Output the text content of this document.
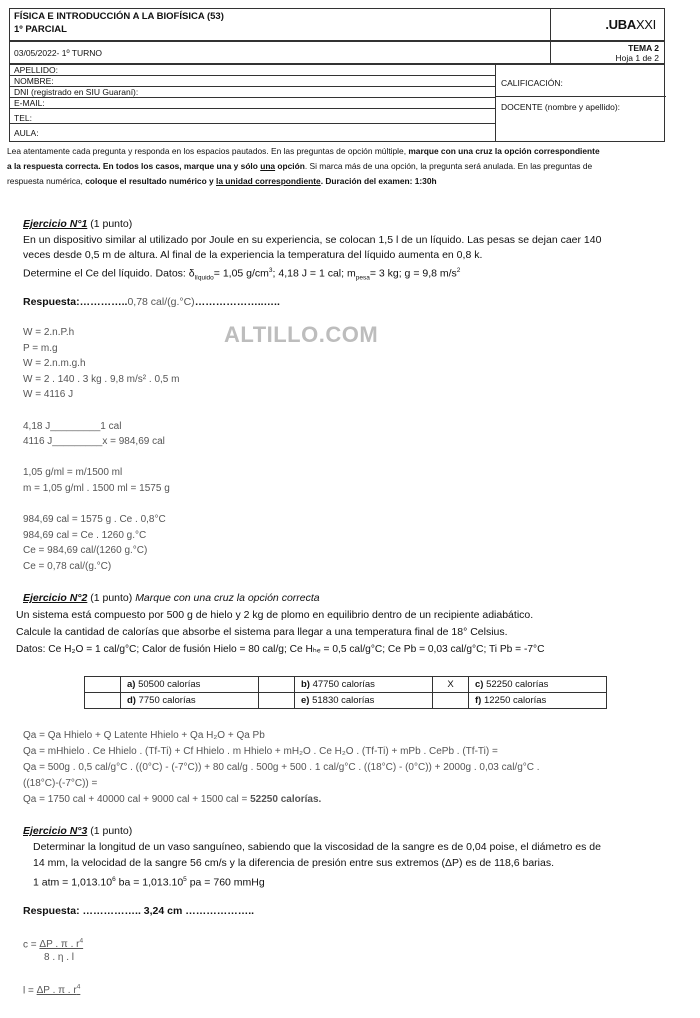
FÍSICA E INTRODUCCIÓN A LA BIOFÍSICA (53)
1º PARCIAL	.UBAXXI
03/05/2022- 1º TURNO	TEMA 2
Hoja 1 de 2
APELLIDO:
NOMBRE:
DNI (registrado en SIU Guaraní):
E-MAIL:
TEL:
AULA:
CALIFICACIÓN:
DOCENTE (nombre y apellido):
Lea atentamente cada pregunta y responda en los espacios pautados. En las preguntas de opción múltiple, marque con una cruz la opción correspondiente
a la respuesta correcta. En todos los casos, marque una y sólo una opción. Si marca más de una opción, la pregunta será anulada. En las preguntas de
respuesta numérica, coloque el resultado numérico y la unidad correspondiente. Duración del examen: 1:30h
ALTILLO.COM
Ejercicio N°1 (1 punto)
En un dispositivo similar al utilizado por Joule en su experiencia, se colocan 1,5 l de un líquido. Las pesas se dejan caer 140
veces desde 0,5 m de altura. Al final de la experiencia la temperatura del líquido aumenta en 0,8 k.
Determine el Ce del líquido. Datos: $\delta_{líquido}= 1,05$ $g/cm^3$; 4,18 J = 1 cal; $m_{pesa}= 3$ kg; g = 9,8 $m/s^2$
Respuesta:…………..0,78 cal/(g.°C)………………..…..
W = 2.n.P.h
P = m.g
W = 2.n.m.g.h
W = 2 . 140 . 3 kg . 9,8 m/s² . 0,5 m
W = 4116 J
4,18 J_________1 cal
4116 J_________x = 984,69 cal
1,05 g/ml = m/1500 ml
m = 1,05 g/ml . 1500 ml = 1575 g
984,69 cal = 1575 g . Ce . 0,8°C
984,69 cal = Ce . 1260 g.°C
Ce = 984,69 cal/(1260 g.°C)
Ce = 0,78 cal/(g.°C)
Ejercicio N°2 (1 punto) Marque con una cruz la opción correcta
Un sistema está compuesto por 500 g de hielo y 2 kg de plomo en equilibrio dentro de un recipiente adiabático.
Calcule la cantidad de calorías que absorbe el sistema para llegar a una temperatura final de 18° Celsius.
Datos: Ce H₂O = 1 cal/g°C; Calor de fusión Hielo = 80 cal/g; Ce Hₕₑ = 0,5 cal/g°C; Ce Pb = 0,03 cal/g°C; Ti Pb = -7°C
	a) 50500 calorías		b) 47750 calorías	X	c) 52250 calorías
	d) 7750 calorías		e) 51830 calorías		f) 12250 calorías
Qa = Qa Hhielo + Q Latente Hhielo + Qa H₂O + Qa Pb
Qa = mHhielo . Ce Hhielo . (Tf-Ti) + Cf Hhielo . m Hhielo + mH₂O . Ce H₂O . (Tf-Ti) + mPb . CePb . (Tf-Ti) =
Qa = 500g . 0,5 cal/g°C . ((0°C) - (-7°C)) + 80 cal/g . 500g + 500 . 1 cal/g°C . ((18°C) - (0°C)) + 2000g . 0,03 cal/g°C .
((18°C)-(-7°C)) =
Qa = 1750 cal + 40000 cal + 9000 cal + 1500 cal = 52250 calorías.
Ejercicio N°3 (1 punto)
Determinar la longitud de un vaso sanguíneo, sabiendo que la viscosidad de la sangre es de 0,04 poise, el diámetro es de
14 mm, la velocidad de la sangre 56 cm/s y la diferencia de presión entre sus extremos (ΔP) es de 118,6 barias.
1 atm = $1,013.10^6$ ba = $1,013.10^5$ pa = 760 mmHg
Respuesta: …………….. 3,24 cm ………………..
c = ΔP . π . $r^4$
8 . η . l
l = ΔP . π . $r^4$
